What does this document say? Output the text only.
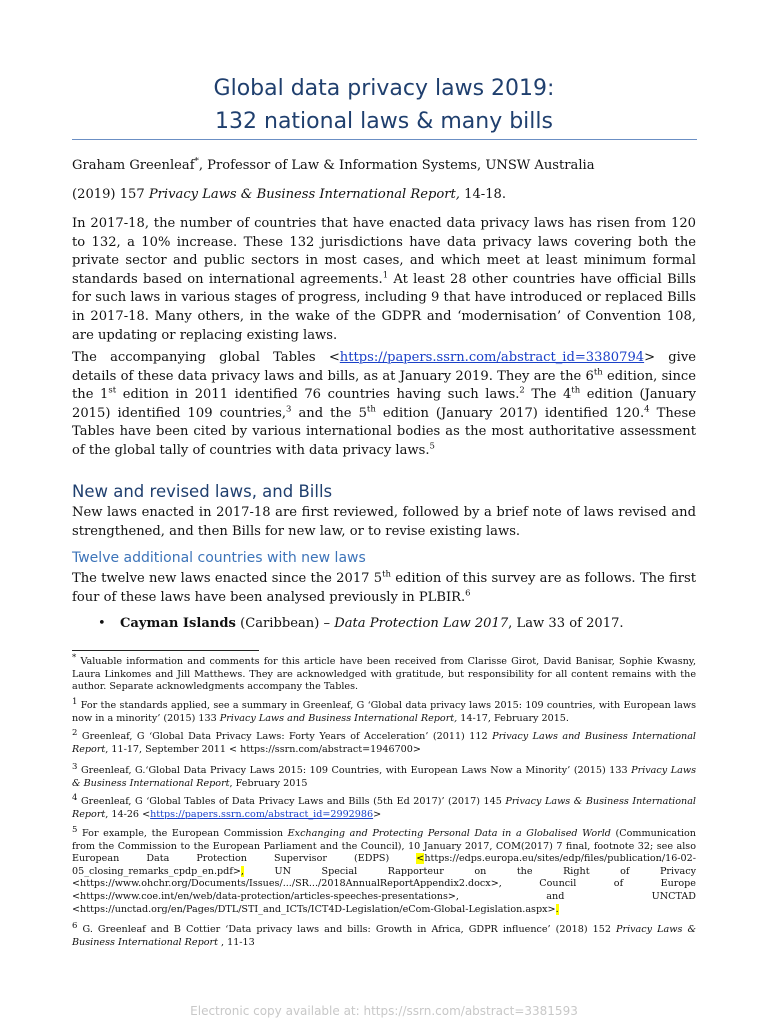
Global data privacy laws 2019:
132 national laws & many bills

Graham Greenleaf*, Professor of Law & Information Systems, UNSW Australia

(2019) 157 Privacy Laws & Business International Report, 14-18.

In 2017-18, the number of countries that have enacted data privacy laws has risen from 120 to 132, a 10% increase. These 132 jurisdictions have data privacy laws covering both the private sector and public sectors in most cases, and which meet at least minimum formal standards based on international agreements.$^1$ At least 28 other countries have official Bills for such laws in various stages of progress, including 9 that have introduced or replaced Bills in 2017-18. Many others, in the wake of the GDPR and ‘modernisation’ of Convention 108, are updating or replacing existing laws.

The accompanying global Tables <https://papers.ssrn.com/abstract_id=3380794> give details of these data privacy laws and bills, as at January 2019. They are the 6th edition, since the 1st edition in 2011 identified 76 countries having such laws.$^2$ The 4th edition (January 2015) identified 109 countries,$^3$ and the 5th edition (January 2017) identified 120.$^4$ These Tables have been cited by various international bodies as the most authoritative assessment of the global tally of countries with data privacy laws.$^5$

New and revised laws, and Bills

New laws enacted in 2017-18 are first reviewed, followed by a brief note of laws revised and strengthened, and then Bills for new law, or to revise existing laws.

Twelve additional countries with new laws

The twelve new laws enacted since the 2017 5th edition of this survey are as follows. The first four of these laws have been analysed previously in PLBIR.$^6$

• Cayman Islands (Caribbean) – Data Protection Law 2017, Law 33 of 2017.

* Valuable information and comments for this article have been received from Clarisse Girot, David Banisar, Sophie Kwasny, Laura Linkomes and Jill Matthews. They are acknowledged with gratitude, but responsibility for all content remains with the author. Separate acknowledgments accompany the Tables.

$^1$ For the standards applied, see a summary in Greenleaf, G ‘Global data privacy laws 2015: 109 countries, with European laws now in a minority’ (2015) 133 Privacy Laws and Business International Report, 14-17, February 2015.

$^2$ Greenleaf, G ‘Global Data Privacy Laws: Forty Years of Acceleration’ (2011) 112 Privacy Laws and Business International Report, 11-17, September 2011 < https://ssrn.com/abstract=1946700>

$^3$ Greenleaf, G.‘Global Data Privacy Laws 2015: 109 Countries, with European Laws Now a Minority’ (2015) 133 Privacy Laws & Business International Report, February 2015

$^4$ Greenleaf, G ‘Global Tables of Data Privacy Laws and Bills (5th Ed 2017)’ (2017) 145 Privacy Laws & Business International Report, 14-26 <https://papers.ssrn.com/abstract_id=2992986>

$^5$ For example, the European Commission Exchanging and Protecting Personal Data in a Globalised World (Communication from the Commission to the European Parliament and the Council), 10 January 2017, COM(2017) 7 final, footnote 32; see also European Data Protection Supervisor (EDPS) <https://edps.europa.eu/sites/edp/files/publication/16-02-05_closing_remarks_cpdp_en.pdf>, UN Special Rapporteur on the Right of Privacy <https://www.ohchr.org/Documents/Issues/.../SR.../2018AnnualReportAppendix2.docx>, Council of Europe <https://www.coe.int/en/web/data-protection/articles-speeches-presentations>, and UNCTAD <https://unctad.org/en/Pages/DTL/STI_and_ICTs/ICT4D-Legislation/eCom-Global-Legislation.aspx>.

$^6$ G. Greenleaf and B Cottier ‘Data privacy laws and bills: Growth in Africa, GDPR influence’ (2018) 152 Privacy Laws & Business International Report , 11-13

Electronic copy available at: https://ssrn.com/abstract=3381593
